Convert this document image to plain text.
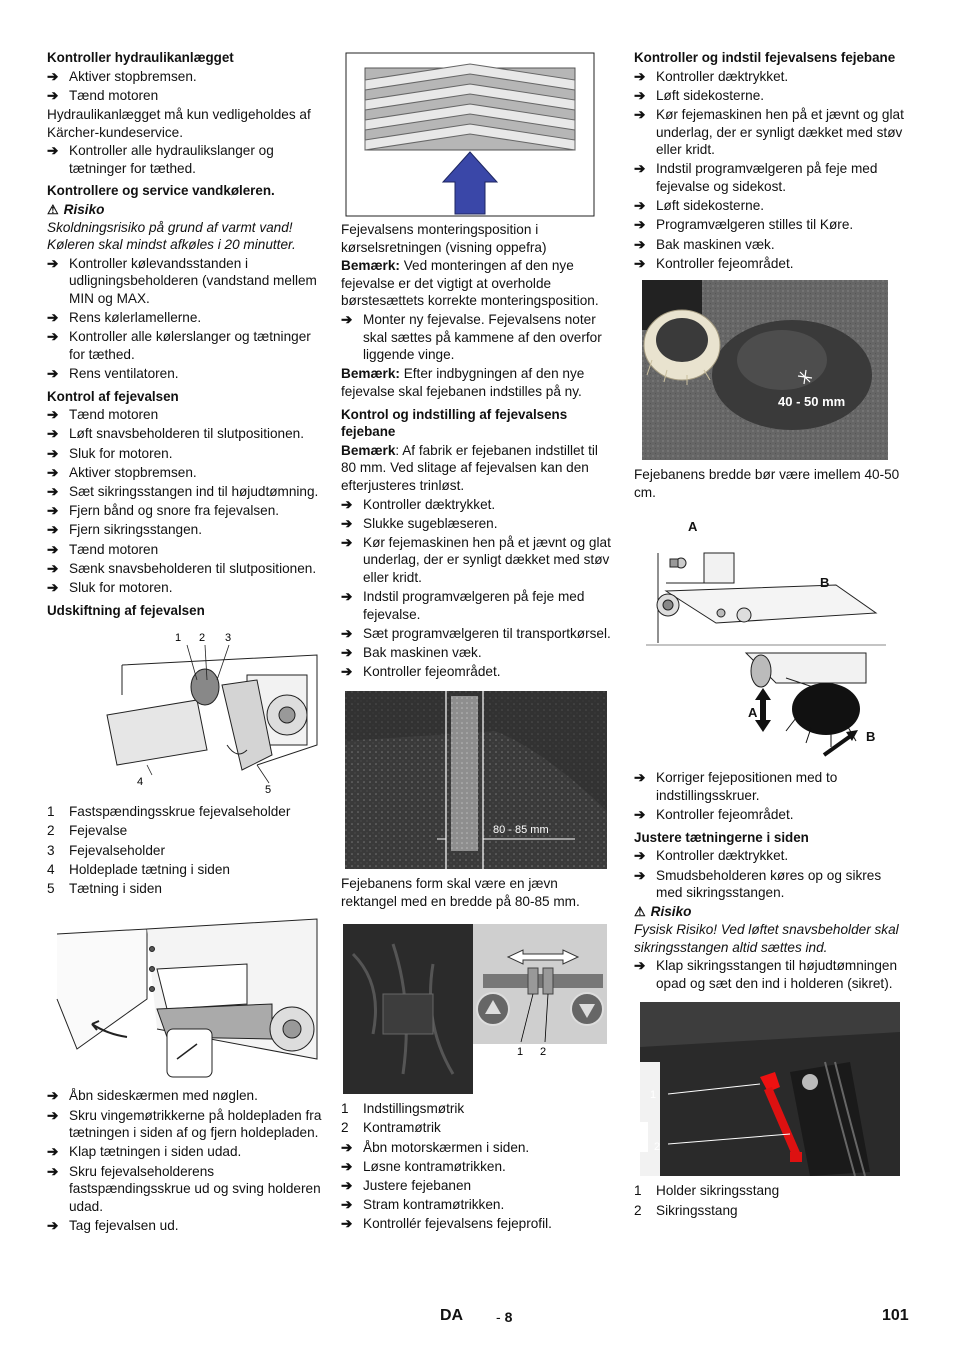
Kontroller hydraulikanlægget
➔ Aktiver stopbremsen.
➔ Tænd motoren

Hydraulikanlægget må kun vedligeholdes af Kärcher-kundeservice.

➔ Kontroller alle hydraulikslanger og tætninger for tæthed.
Kontrollere og service vandkøleren.
⚠ Risiko

Skoldningsrisiko på grund af varmt vand! Køleren skal mindst afkøles i 20 minutter.

➔ Kontroller kølevandsstanden i udligningsbeholderen (vandstand mellem MIN og MAX.
➔ Rens kølerlamellerne.
➔ Kontroller alle kølerslanger og tætninger for tæthed.
➔ Rens ventilatoren.
Kontrol af fejevalsen
➔ Tænd motoren
➔ Løft snavsbeholderen til slutpositionen.
➔ Sluk for motoren.
➔ Aktiver stopbremsen.
➔ Sæt sikringsstangen ind til højudtømning.
➔ Fjern bånd og snore fra fejevalsen.
➔ Fjern sikringsstangen.
➔ Tænd motoren
➔ Sænk snavsbeholderen til slutpositionen.
➔ Sluk for motoren.
Udskiftning af fejevalsen
1 2 3
4
5
1	Fastspændingsskrue fejevalseholder
2	Fejevalse
3	Fejevalseholder
4	Holdeplade tætning i siden
5	Tætning i siden
➔ Åbn sideskærmen med nøglen.
➔ Skru vingemøtrikkerne på holdepladen fra tætningen i siden af og fjern holdepladen.
➔ Klap tætningen i siden udad.
➔ Skru fejevalseholderens fastspændingsskrue ud og sving holderen udad.
➔ Tag fejevalsen ud.

Fejevalsens monteringsposition i kørselsretningen (visning oppefra)

Bemærk: Ved monteringen af den nye fejevalse er det vigtigt at overholde børstesættets korrekte monteringsposition.

➔ Monter ny fejevalse. Fejevalsens noter skal sættes på kammene af den overfor liggende vinge.

Bemærk: Efter indbygningen af den nye fejevalse skal fejebanen indstilles på ny.

Kontrol og indstilling af fejevalsens fejebane

Bemærk: Af fabrik er fejebanen indstillet til 80 mm. Ved slitage af fejevalsen kan den efterjusteres trinløst.

➔ Kontroller dæktrykket.
➔ Slukke sugeblæseren.
➔ Kør fejemaskinen hen på et jævnt og glat underlag, der er synligt dækket med støv eller kridt.
➔ Indstil programvælgeren på feje med fejevalse.
➔ Sæt programvælgeren til transportkørsel.
➔ Bak maskinen væk.
➔ Kontroller fejeområdet.
80 - 85 mm

Fejebanens form skal være en jævn rektangel med en bredde på 80-85 mm.

1 2
1	Indstillingsmøtrik
2	Kontramøtrik
➔ Åbn motorskærmen i siden.
➔ Løsne kontramøtrikken.
➔ Justere fejebanen
➔ Stram kontramøtrikken.
➔ Kontrollér fejevalsens fejeprofil.
Kontroller og indstil fejevalsens fejebane
➔ Kontroller dæktrykket.
➔ Løft sidekosterne.
➔ Kør fejemaskinen hen på et jævnt og glat underlag, der er synligt dækket med støv eller kridt.
➔ Indstil programvælgeren på feje med fejevalse og sidekost.
➔ Løft sidekosterne.
➔ Programvælgeren stilles til Køre.
➔ Bak maskinen væk.
➔ Kontroller fejeområdet.
40 - 50 mm

Fejebanens bredde bør være imellem 40-50 cm.

A
B
A
B
➔ Korriger fejepositionen med to indstillingsskruer.
➔ Kontroller fejeområdet.
Justere tætningerne i siden
➔ Kontroller dæktrykket.
➔ Smudsbeholderen køres op og sikres med sikringsstangen.
⚠ Risiko

Fysisk Risiko! Ved løftet snavsbeholder skal sikringsstangen altid sættes ind.

➔ Klap sikringsstangen til højudtømningen opad og sæt den ind i holderen (sikret).
1
2
1	Holder sikringsstang
2	Sikringsstang
DA - 8	101
